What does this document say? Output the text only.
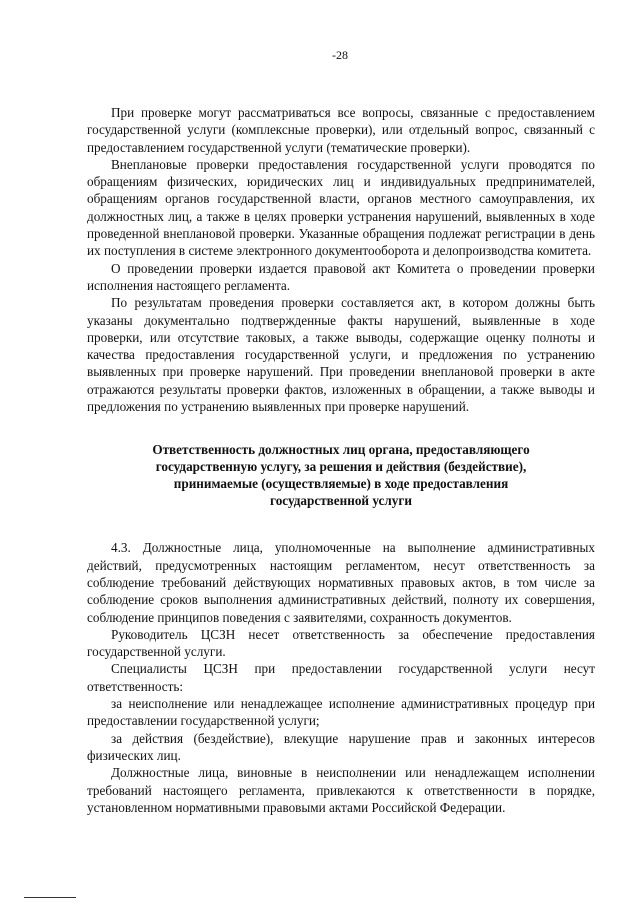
-28

При проверке могут рассматриваться все вопросы, связанные с предоставлением государственной услуги (комплексные проверки), или отдельный вопрос, связанный с предоставлением государственной услуги (тематические проверки).

Внеплановые проверки предоставления государственной услуги проводятся по обращениям физических, юридических лиц и индивидуальных предпринимателей, обращениям органов государственной власти, органов местного самоуправления, их должностных лиц, а также в целях проверки устранения нарушений, выявленных в ходе проведенной внеплановой проверки. Указанные обращения подлежат регистрации в день их поступления в системе электронного документооборота и делопроизводства комитета.

О проведении проверки издается правовой акт Комитета о проведении проверки исполнения настоящего регламента.

По результатам проведения проверки составляется акт, в котором должны быть указаны документально подтвержденные факты нарушений, выявленные в ходе проверки, или отсутствие таковых, а также выводы, содержащие оценку полноты и качества предоставления государственной услуги, и предложения по устранению выявленных при проверке нарушений. При проведении внеплановой проверки в акте отражаются результаты проверки фактов, изложенных в обращении, а также выводы и предложения по устранению выявленных при проверке нарушений.

Ответственность должностных лиц органа, предоставляющего
государственную услугу, за решения и действия (бездействие),
принимаемые (осуществляемые) в ходе предоставления
государственной услуги

4.3. Должностные лица, уполномоченные на выполнение административных действий, предусмотренных настоящим регламентом, несут ответственность за соблюдение требований действующих нормативных правовых актов, в том числе за соблюдение сроков выполнения административных действий, полноту их совершения, соблюдение принципов поведения с заявителями, сохранность документов.

Руководитель ЦСЗН несет ответственность за обеспечение предоставления государственной услуги.

Специалисты ЦСЗН при предоставлении государственной услуги несут ответственность:

за неисполнение или ненадлежащее исполнение административных процедур при предоставлении государственной услуги;

за действия (бездействие), влекущие нарушение прав и законных интересов физических лиц.

Должностные лица, виновные в неисполнении или ненадлежащем исполнении требований настоящего регламента, привлекаются к ответственности в порядке, установленном нормативными правовыми актами Российской Федерации.
